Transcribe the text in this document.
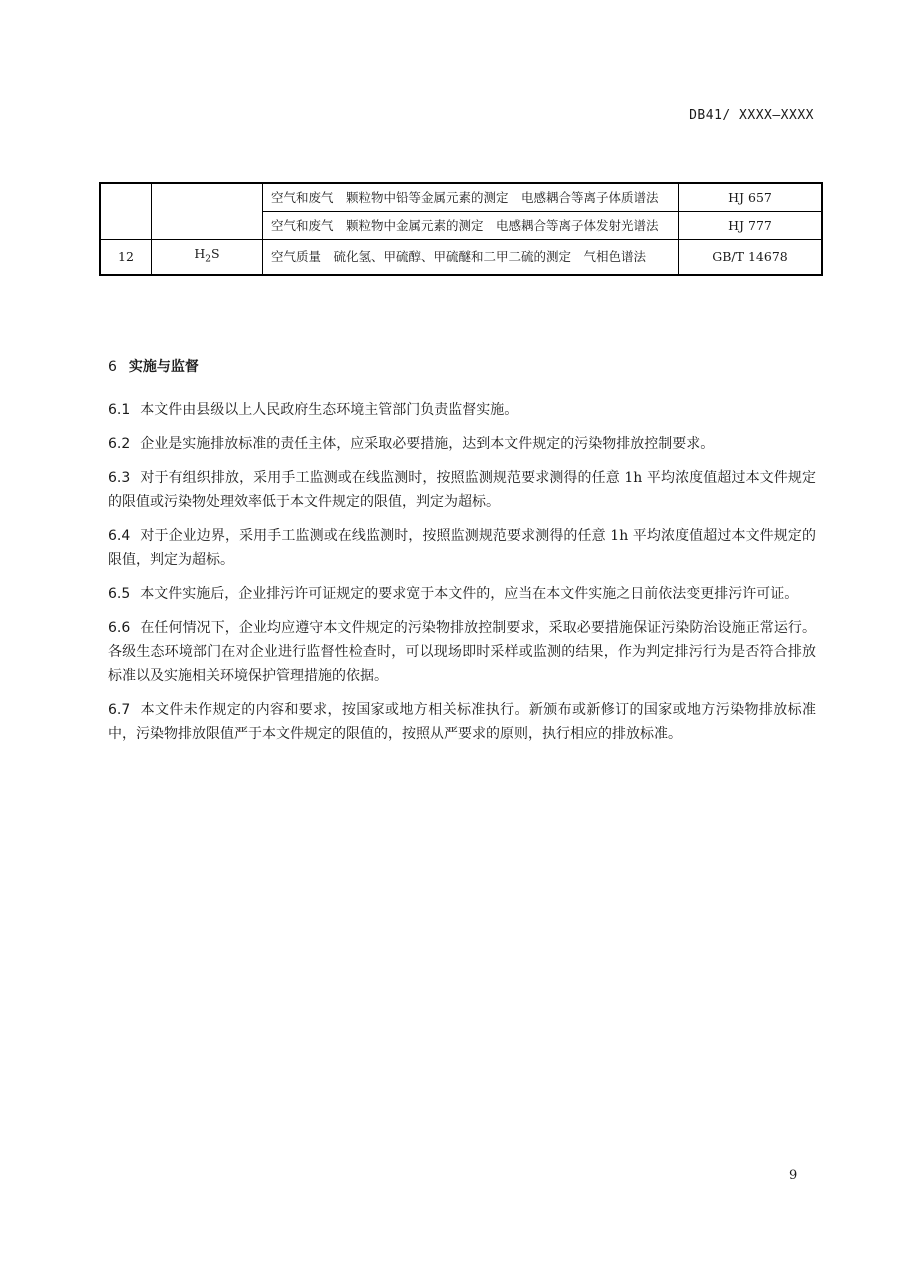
DB41/ XXXX—XXXX
		空气和废气　颗粒物中铅等金属元素的测定　电感耦合等离子体质谱法	HJ 657
		空气和废气　颗粒物中金属元素的测定　电感耦合等离子体发射光谱法	HJ 777
12	$H_2S$	空气质量　硫化氢、甲硫醇、甲硫醚和二甲二硫的测定　气相色谱法	GB/T 14678
6 实施与监督

6.1 本文件由县级以上人民政府生态环境主管部门负责监督实施。

6.2 企业是实施排放标准的责任主体，应采取必要措施，达到本文件规定的污染物排放控制要求。

6.3 对于有组织排放，采用手工监测或在线监测时，按照监测规范要求测得的任意 1h 平均浓度值超过本文件规定的限值或污染物处理效率低于本文件规定的限值，判定为超标。

6.4 对于企业边界，采用手工监测或在线监测时，按照监测规范要求测得的任意 1h 平均浓度值超过本文件规定的限值，判定为超标。

6.5 本文件实施后，企业排污许可证规定的要求宽于本文件的，应当在本文件实施之日前依法变更排污许可证。

6.6 在任何情况下，企业均应遵守本文件规定的污染物排放控制要求，采取必要措施保证污染防治设施正常运行。各级生态环境部门在对企业进行监督性检查时，可以现场即时采样或监测的结果，作为判定排污行为是否符合排放标准以及实施相关环境保护管理措施的依据。

6.7 本文件未作规定的内容和要求，按国家或地方相关标准执行。新颁布或新修订的国家或地方污染物排放标准中，污染物排放限值严于本文件规定的限值的，按照从严要求的原则，执行相应的排放标准。

9
